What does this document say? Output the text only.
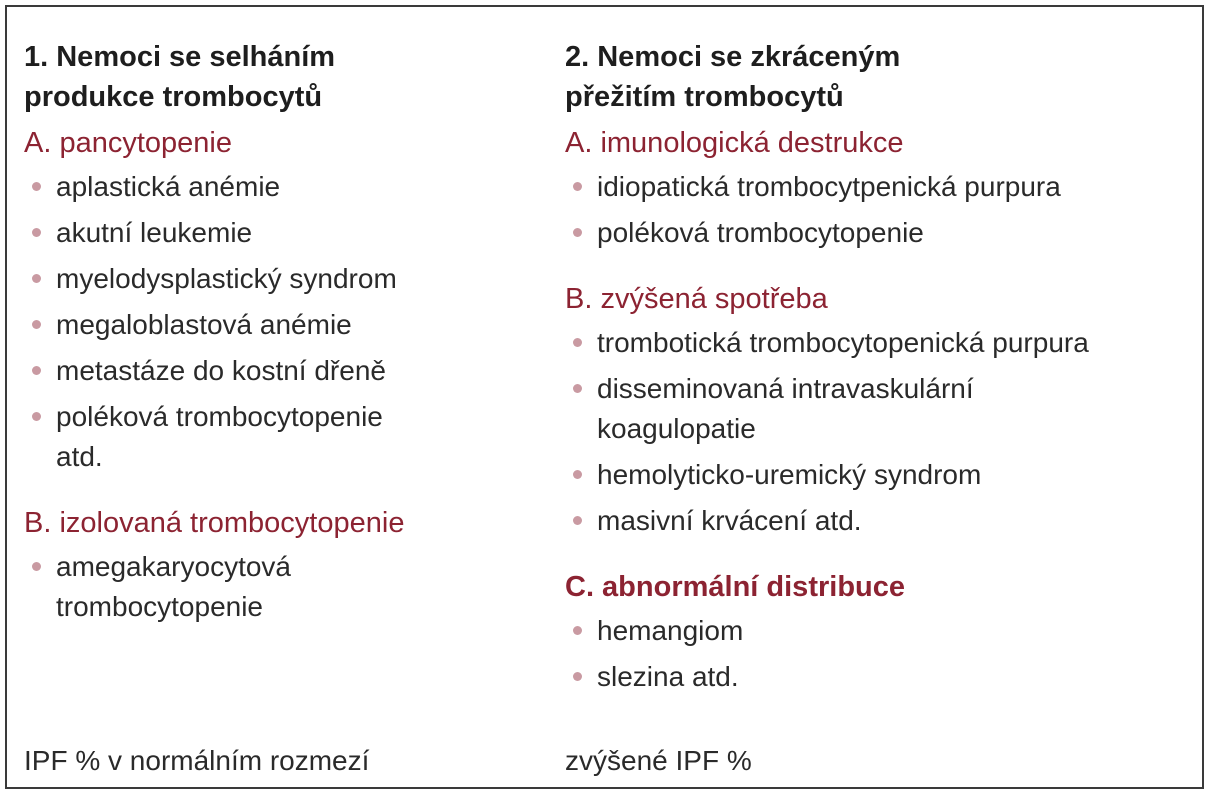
1. Nemoci se selháním
produkce trombocytů
A. pancytopenie
aplastická anémie
akutní leukemie
myelodysplastický syndrom
megaloblastová anémie
metastáze do kostní dřeně
poléková trombocytopenie
atd.
B. izolovaná trombocytopenie
amegakaryocytová
trombocytopenie
2. Nemoci se zkráceným
přežitím trombocytů
A. imunologická destrukce
idiopatická trombocytpenická purpura
poléková trombocytopenie
B. zvýšená spotřeba
trombotická trombocytopenická purpura
disseminovaná intravaskulární
koagulopatie
hemolyticko-uremický syndrom
masivní krvácení atd.
C. abnormální distribuce
hemangiom
slezina atd.
IPF % v normálním rozmezí	zvýšené IPF %
